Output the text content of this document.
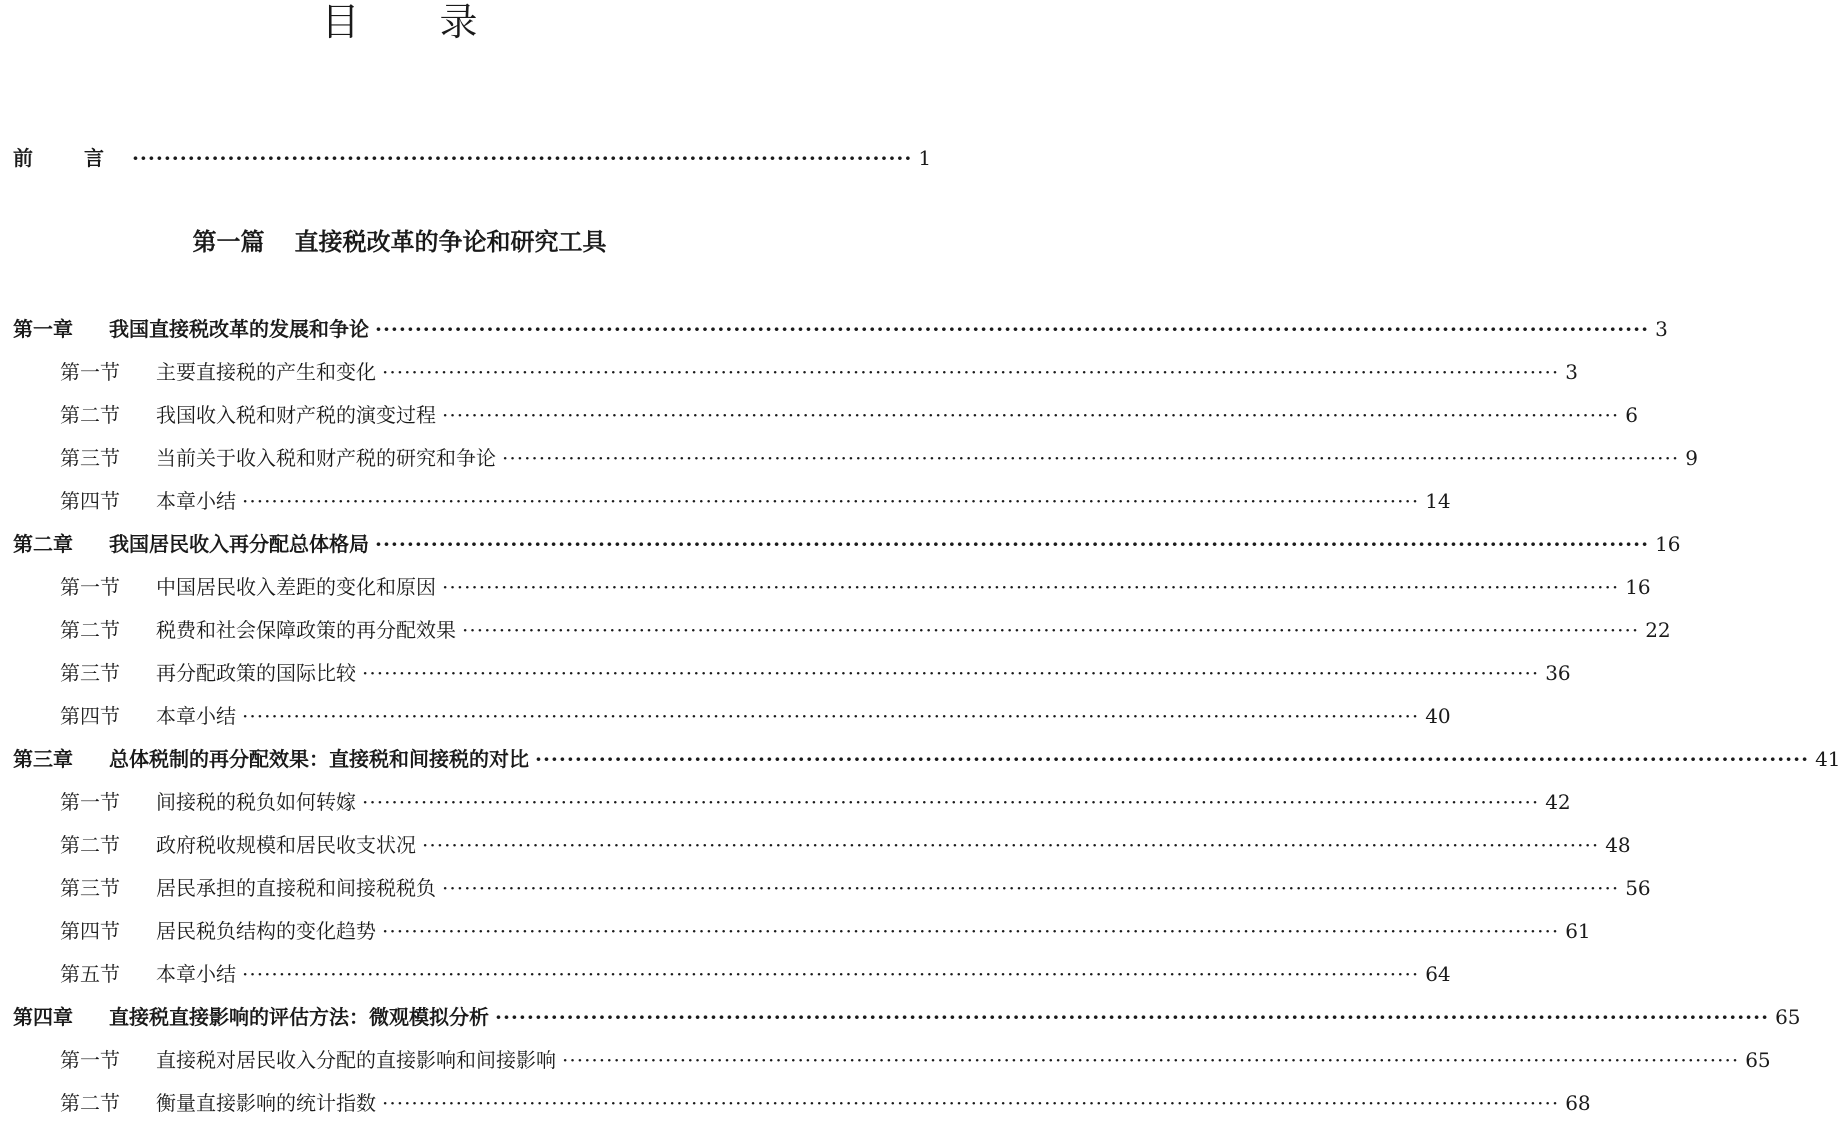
目 录
前 言 ·································································································· 1
第一篇 直接税改革的争论和研究工具
第一章 我国直接税改革的发展和争论 ································································································································································ 3
第一节 主要直接税的产生和变化 ································································································································································ 3
第二节 我国收入税和财产税的演变过程 ································································································································································ 6
第三节 当前关于收入税和财产税的研究和争论 ································································································································································ 9
第四节 本章小结 ································································································································································ 14
第二章 我国居民收入再分配总体格局 ································································································································································ 16
第一节 中国居民收入差距的变化和原因 ································································································································································ 16
第二节 税费和社会保障政策的再分配效果 ································································································································································ 22
第三节 再分配政策的国际比较 ································································································································································ 36
第四节 本章小结 ································································································································································ 40
第三章 总体税制的再分配效果：直接税和间接税的对比 ································································································································································ 41
第一节 间接税的税负如何转嫁 ································································································································································ 42
第二节 政府税收规模和居民收支状况 ································································································································································ 48
第三节 居民承担的直接税和间接税税负 ································································································································································ 56
第四节 居民税负结构的变化趋势 ································································································································································ 61
第五节 本章小结 ································································································································································ 64
第四章 直接税直接影响的评估方法：微观模拟分析 ································································································································································ 65
第一节 直接税对居民收入分配的直接影响和间接影响 ································································································································································ 65
第二节 衡量直接影响的统计指数 ································································································································································ 68
